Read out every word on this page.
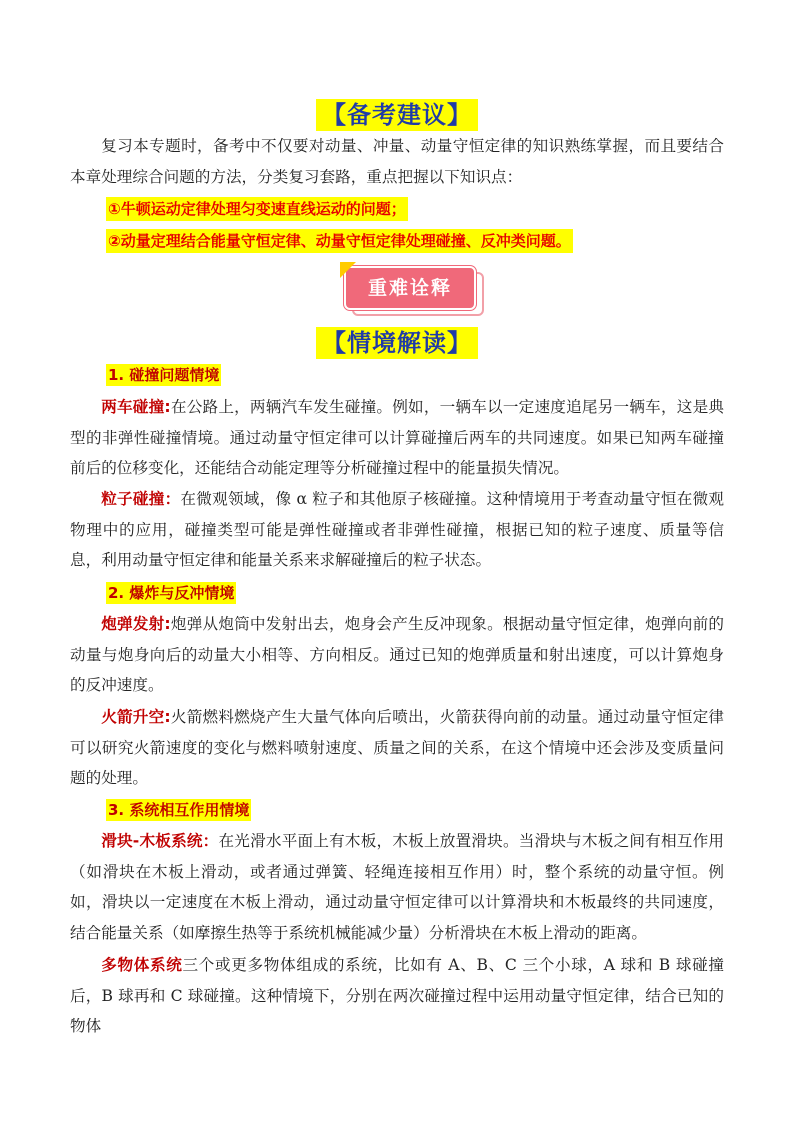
【备考建议】

复习本专题时，备考中不仅要对动量、冲量、动量守恒定律的知识熟练掌握，而且要结合本章处理综合问题的方法，分类复习套路，重点把握以下知识点：

①牛顿运动定律处理匀变速直线运动的问题；
②动量定理结合能量守恒定律、动量守恒定律处理碰撞、反冲类问题。
重难诠释
【情境解读】
1. 碰撞问题情境

两车碰撞:在公路上，两辆汽车发生碰撞。例如，一辆车以一定速度追尾另一辆车，这是典型的非弹性碰撞情境。通过动量守恒定律可以计算碰撞后两车的共同速度。如果已知两车碰撞前后的位移变化，还能结合动能定理等分析碰撞过程中的能量损失情况。

粒子碰撞：在微观领域，像 α 粒子和其他原子核碰撞。这种情境用于考查动量守恒在微观物理中的应用，碰撞类型可能是弹性碰撞或者非弹性碰撞，根据已知的粒子速度、质量等信息，利用动量守恒定律和能量关系来求解碰撞后的粒子状态。

2. 爆炸与反冲情境

炮弹发射:炮弹从炮筒中发射出去，炮身会产生反冲现象。根据动量守恒定律，炮弹向前的动量与炮身向后的动量大小相等、方向相反。通过已知的炮弹质量和射出速度，可以计算炮身的反冲速度。

火箭升空:火箭燃料燃烧产生大量气体向后喷出，火箭获得向前的动量。通过动量守恒定律可以研究火箭速度的变化与燃料喷射速度、质量之间的关系，在这个情境中还会涉及变质量问题的处理。

3. 系统相互作用情境

滑块-木板系统：在光滑水平面上有木板，木板上放置滑块。当滑块与木板之间有相互作用（如滑块在木板上滑动，或者通过弹簧、轻绳连接相互作用）时，整个系统的动量守恒。例如，滑块以一定速度在木板上滑动，通过动量守恒定律可以计算滑块和木板最终的共同速度，结合能量关系（如摩擦生热等于系统机械能减少量）分析滑块在木板上滑动的距离。

多物体系统三个或更多物体组成的系统，比如有 A、B、C 三个小球，A 球和 B 球碰撞后，B 球再和 C 球碰撞。这种情境下，分别在两次碰撞过程中运用动量守恒定律，结合已知的物体
